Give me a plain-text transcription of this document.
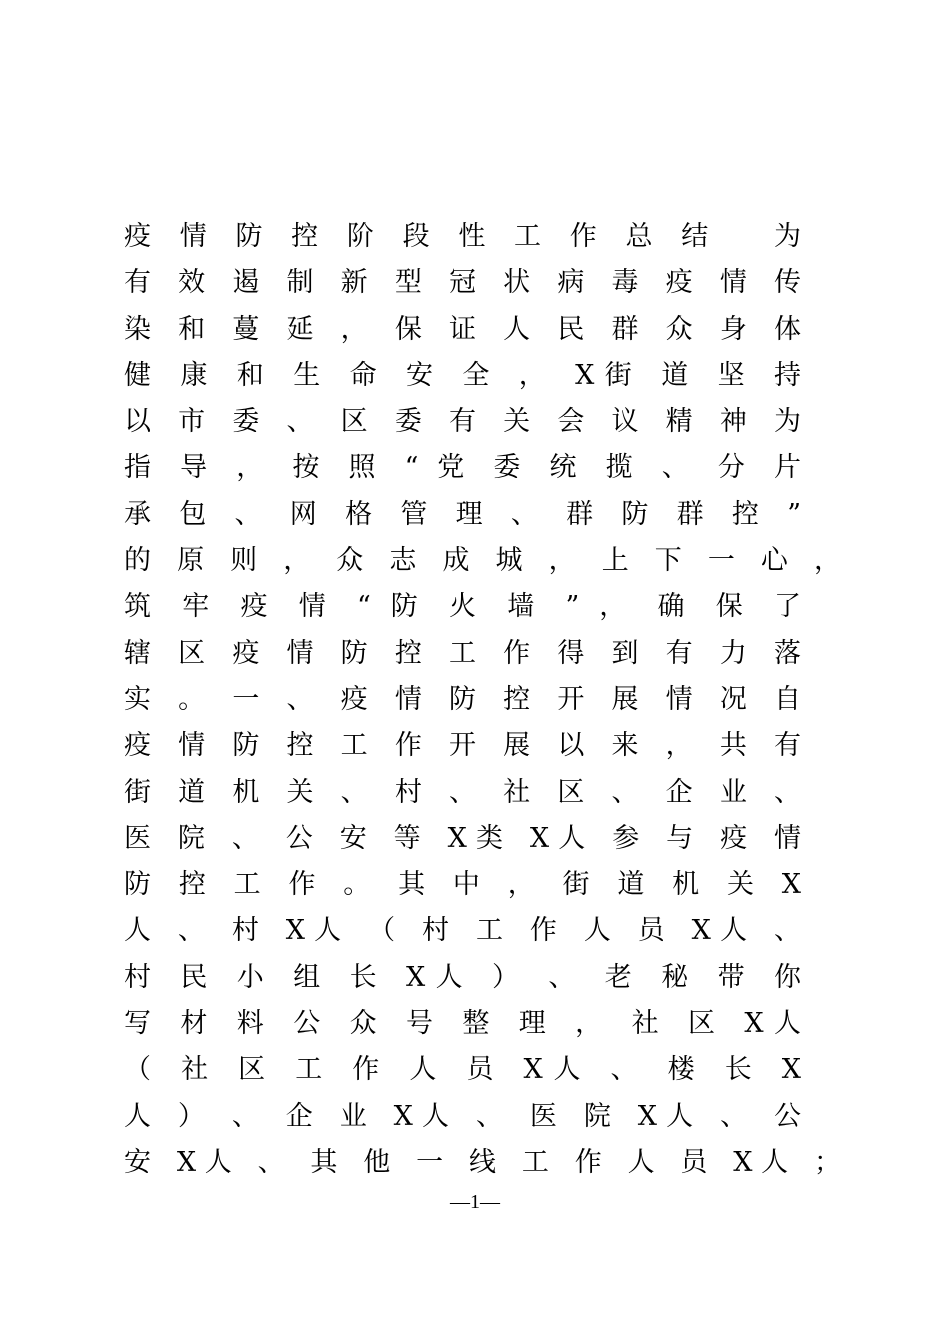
疫 情 防 控 阶 段 性 工 作 总 结 　为
有 效 遏 制 新 型 冠 状 病 毒 疫 情 传
染 和 蔓 延 ， 保 证 人 民 群 众 身 体
健 康 和 生 命 安 全 ， X街 道 坚 持
以 市 委 、 区 委 有 关 会 议 精 神 为
指 导 ， 按 照 “ 党 委 统 揽 、 分 片
承 包 、 网 格 管 理 、 群 防 群 控 ”
的 原 则 ， 众 志 成 城 ， 上 下 一 心 ，
筑 牢 疫 情 “ 防 火 墙 ” ， 确 保 了
辖 区 疫 情 防 控 工 作 得 到 有 力 落
实 。 一 、 疫 情 防 控 开 展 情 况 自
疫 情 防 控 工 作 开 展 以 来 ， 共 有
街 道 机 关 、 村 、 社 区 、 企 业 、
医 院 、 公 安 等 X类 X人 参 与 疫 情
防 控 工 作 。 其 中 ， 街 道 机 关 X
人 、 村 X人 （ 村 工 作 人 员 X人 、
村 民 小 组 长 X人 ） 、 老 秘 带 你
写 材 料 公 众 号 整 理 ， 社 区 X人
（ 社 区 工 作 人 员 X人 、 楼 长 X
人 ） 、 企 业 X人 、 医 院 X人 、 公
安 X人 、 其 他 一 线 工 作 人 员 X人 ；
—1—
